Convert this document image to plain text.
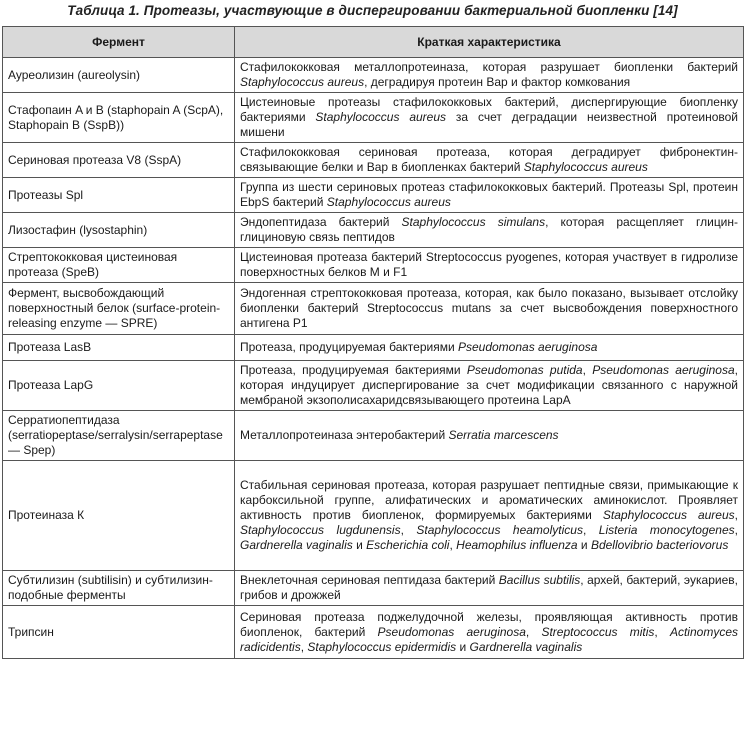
Таблица 1. Протеазы, участвующие в диспергировании бактериальной биопленки [14]
Фермент	Краткая характеристика
Ауреолизин (aureolysin)	Стафилококковая металлопротеиназа, которая разрушает биопленки бактерий Staphylococcus aureus, деградируя протеин Bap и фактор комкования
Стафопаин A и B (staphopain A (ScpA), Staphopain B (SspB))	Цистеиновые протеазы стафилококковых бактерий, диспергирующие биопленку бактериями Staphylococcus aureus за счет деградации неизвестной протеиновой мишени
Сериновая протеаза V8 (SspA)	Стафилококковая сериновая протеаза, которая деградирует фибронектин-связывающие белки и Bap в биопленках бактерий Staphylococcus aureus
Протеазы Spl	Группа из шести сериновых протеаз стафилококковых бактерий. Протеазы Spl, протеин EbpS бактерий Staphylococcus aureus
Лизостафин (lysostaphin)	Эндопептидаза бактерий Staphylococcus simulans, которая расщепляет глицин-глициновую связь пептидов
Стрептококковая цистеиновая протеаза (SpeB)	Цистеиновая протеаза бактерий Streptococcus pyogenes, которая участвует в гидролизе поверхностных белков M и F1
Фермент, высвобождающий поверхностный белок (surface-protein-releasing enzyme — SPRE)	Эндогенная стрептококковая протеаза, которая, как было показано, вызывает отслойку биопленки бактерий Streptococcus mutans за счет высвобождения поверхностного антигена P1
Протеаза LasB	Протеаза, продуцируемая бактериями Pseudomonas aeruginosa
Протеаза LapG	Протеаза, продуцируемая бактериями Pseudomonas putida, Pseudomonas aeruginosa, которая индуцирует диспергирование за счет модификации связанного с наружной мембраной экзополисахаридсвязывающего протеина LapA
Серратиопептидаза (serratiopeptase/serralysin/serrapeptase — Spep)	Металлопротеиназа энтеробактерий Serratia marcescens
Протеиназа К	Стабильная сериновая протеаза, которая разрушает пептидные связи, примыкающие к карбоксильной группе, алифатических и ароматических аминокислот. Проявляет активность против биопленок, формируемых бактериями Staphylococcus aureus, Staphylococcus lugdunensis, Staphylococcus heamolyticus, Listeria monocytogenes, Gardnerella vaginalis и Escherichia coli, Heamophilus influenza и Bdellovibrio bacteriovorus
Субтилизин (subtilisin) и субтилизин-подобные ферменты	Внеклеточная сериновая пептидаза бактерий Bacillus subtilis, архей, бактерий, эукариев, грибов и дрожжей
Трипсин	Сериновая протеаза поджелудочной железы, проявляющая активность против биопленок, бактерий Pseudomonas aeruginosa, Streptococcus mitis, Actinomyces radicidentis, Staphylococcus epidermidis и Gardnerella vaginalis
